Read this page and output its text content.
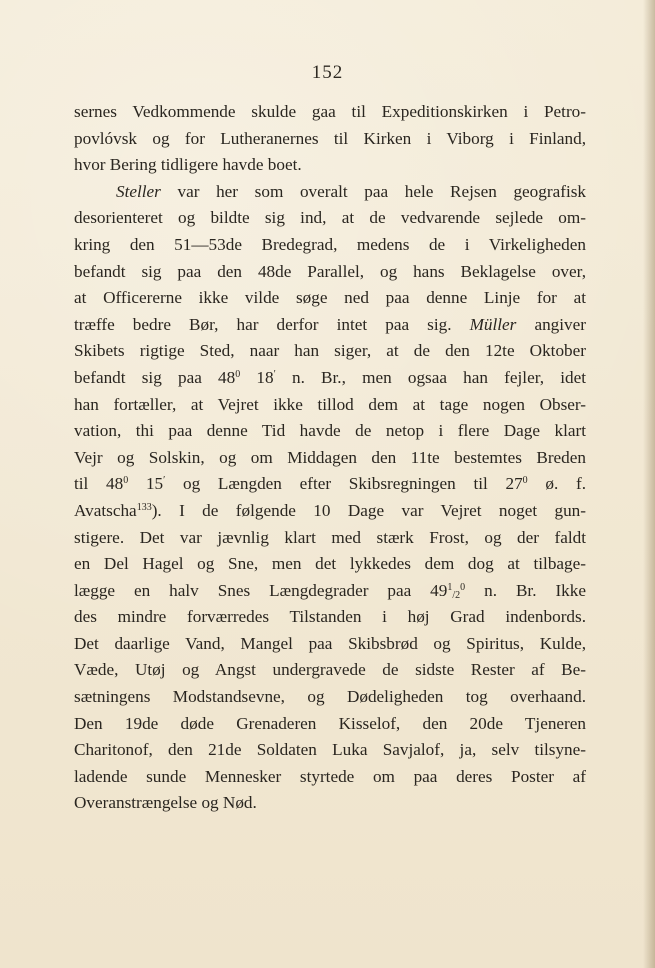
152
sernes Vedkommende skulde gaa til Expeditionskirken i Petro-
povlóvsk og for Lutheranernes til Kirken i Viborg i Finland,
hvor Bering tidligere havde boet.
Steller var her som overalt paa hele Rejsen geografisk
desorienteret og bildte sig ind, at de vedvarende sejlede om-
kring den 51—53de Bredegrad, medens de i Virkeligheden
befandt sig paa den 48de Parallel, og hans Beklagelse over,
at Officererne ikke vilde søge ned paa denne Linje for at
træffe bedre Bør, har derfor intet paa sig. Müller angiver
Skibets rigtige Sted, naar han siger, at de den 12te Oktober
befandt sig paa $48^0$ 18′ n. Br., men ogsaa han fejler, idet
han fortæller, at Vejret ikke tillod dem at tage nogen Obser-
vation, thi paa denne Tid havde de netop i flere Dage klart
Vejr og Solskin, og om Middagen den 11te bestemtes Breden
til $48^0$ 15′ og Længden efter Skibsregningen til $27^0$ ø. f.
Avatscha$^{133}$). I de følgende 10 Dage var Vejret noget gun-
stigere. Det var jævnlig klart med stærk Frost, og der faldt
en Del Hagel og Sne, men det lykkedes dem dog at tilbage-
lægge en halv Snes Længdegrader paa $49^1_{/2}^0$ n. Br. Ikke
des mindre forværredes Tilstanden i høj Grad indenbords.
Det daarlige Vand, Mangel paa Skibsbrød og Spiritus, Kulde,
Væde, Utøj og Angst undergravede de sidste Rester af Be-
sætningens Modstandsevne, og Dødeligheden tog overhaand.
Den 19de døde Grenaderen Kisselof, den 20de Tjeneren
Charitonof, den 21de Soldaten Luka Savjalof, ja, selv tilsyne-
ladende sunde Mennesker styrtede om paa deres Poster af
Overanstrængelse og Nød.
